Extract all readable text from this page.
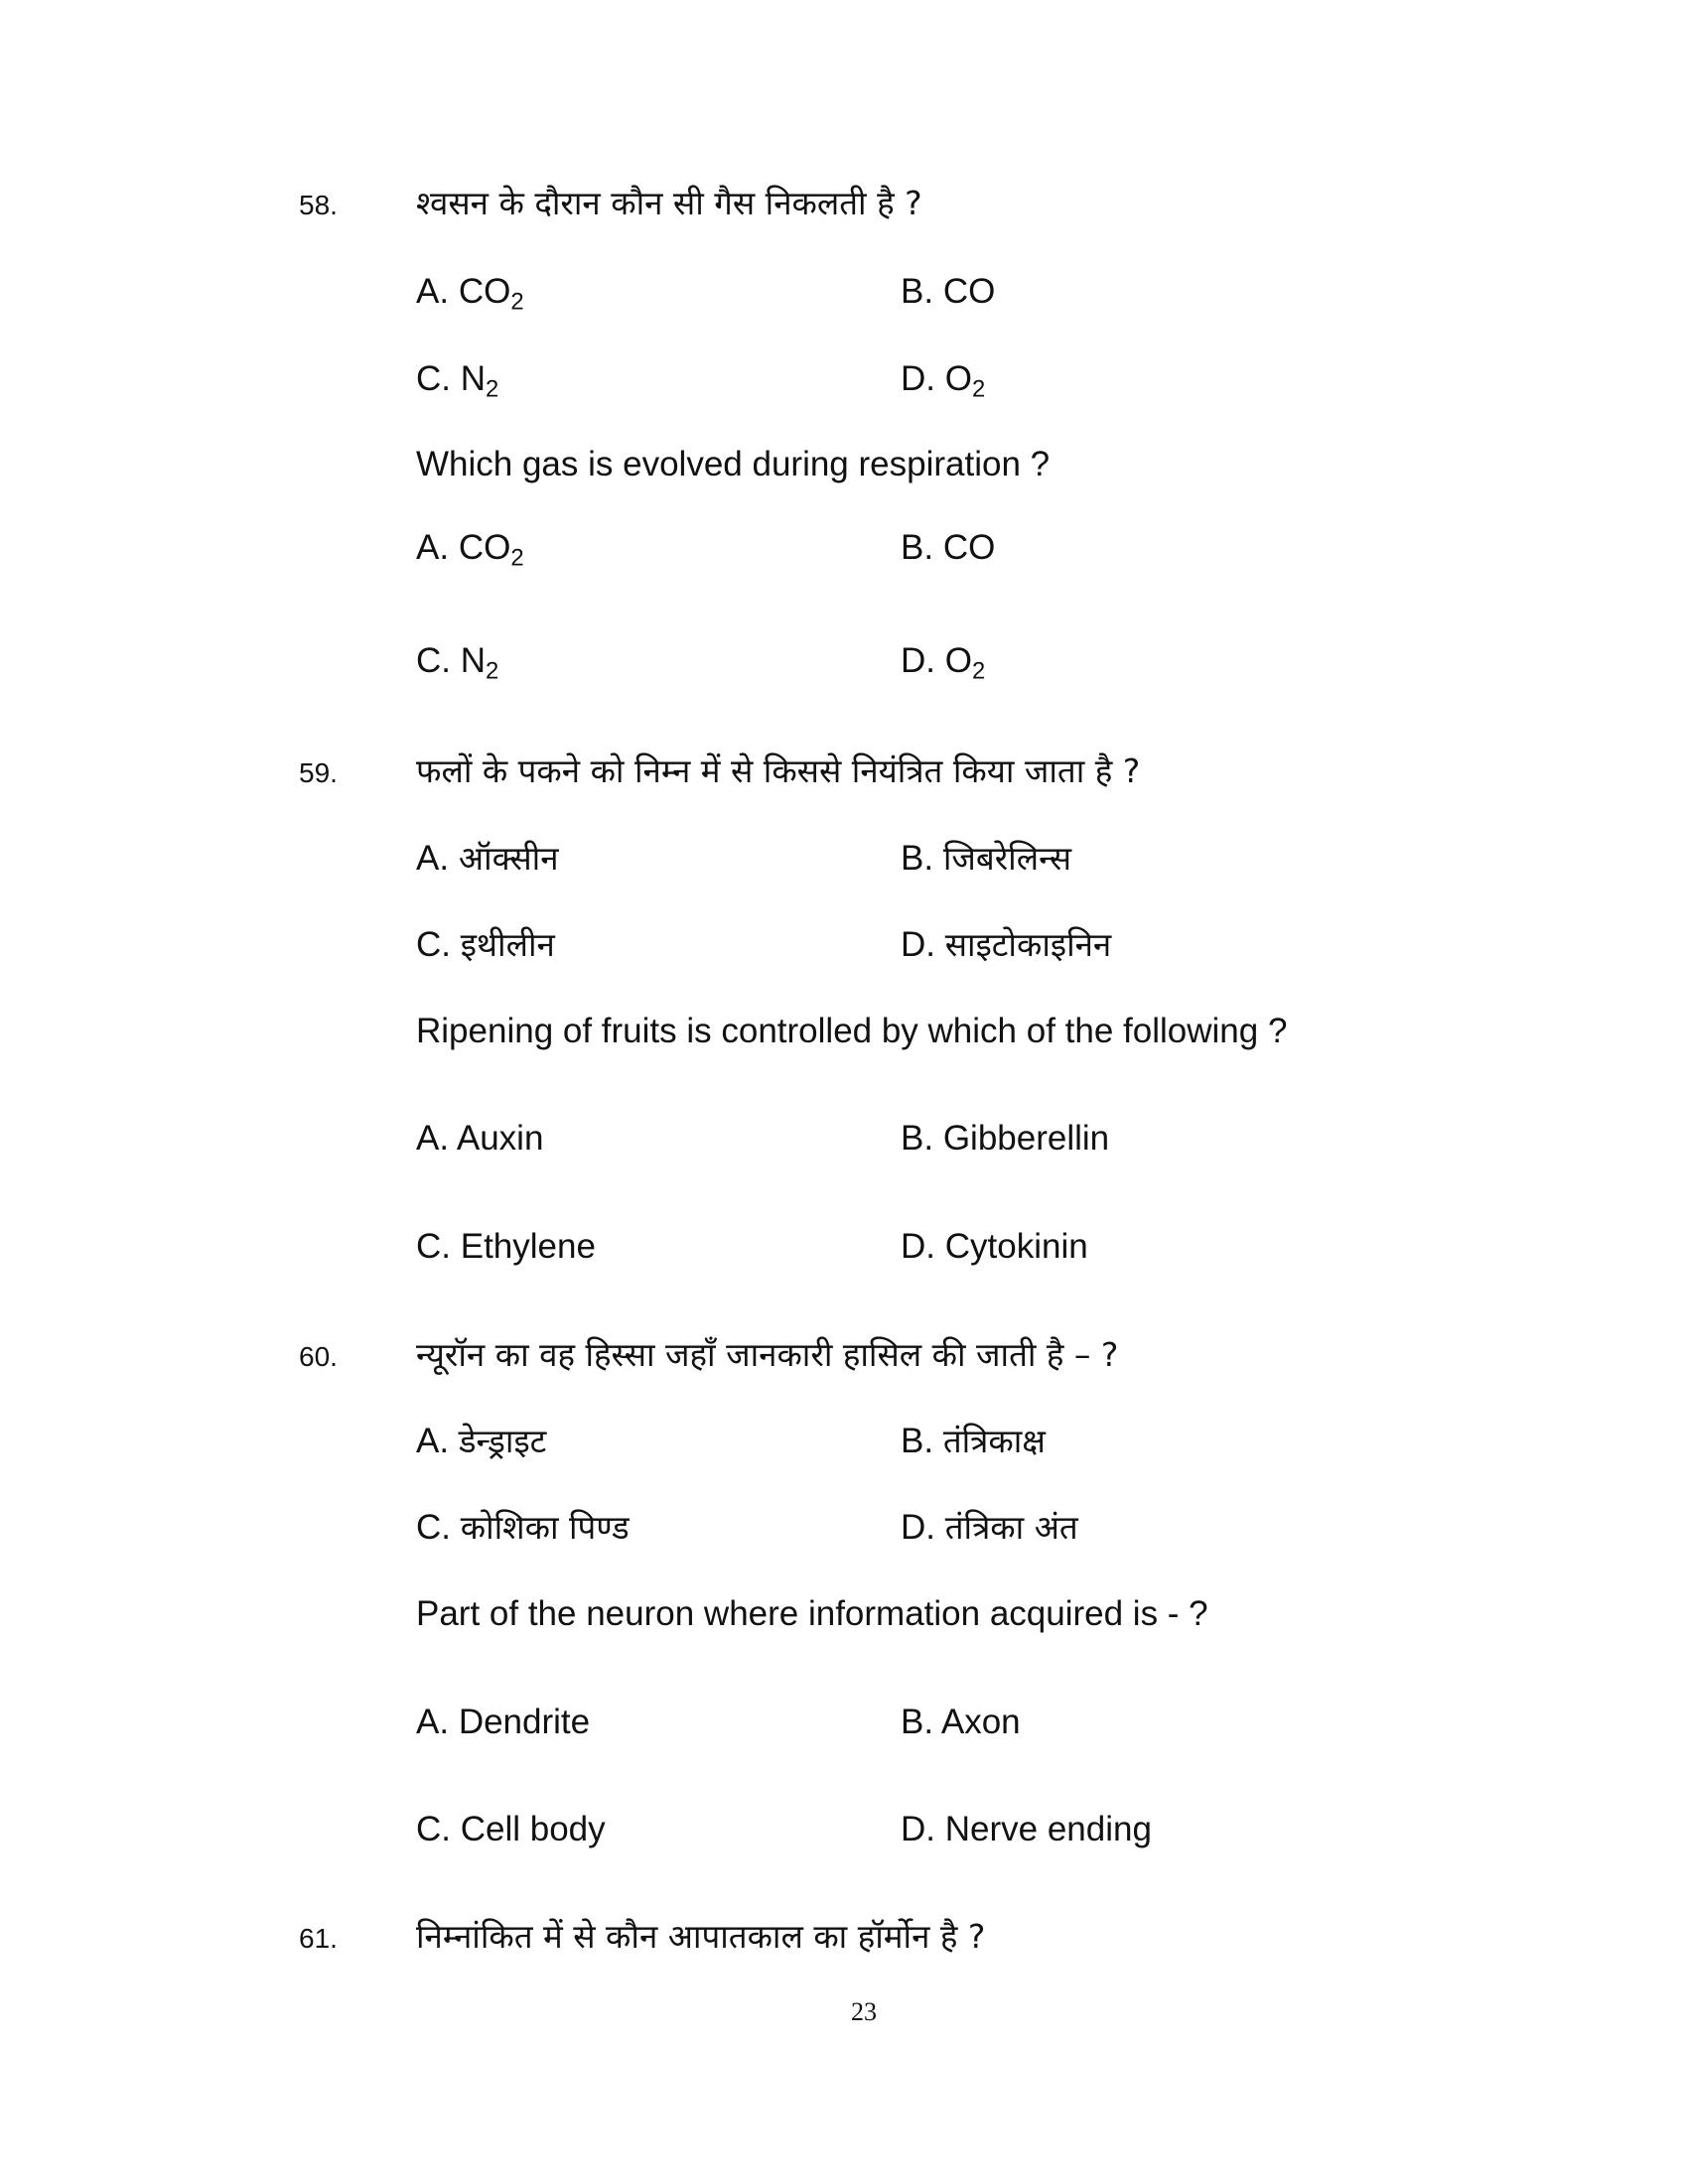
58. श्वसन के दौरान कौन सी गैस निकलती है ?
A. $CO_2$	B. CO
C. $N_2$	D. $O_2$
Which gas is evolved during respiration ?
A. $CO_2$	B. CO
C. $N_2$	D. $O_2$
59. फलों के पकने को निम्न में से किससे नियंत्रित किया जाता है ?
A. ऑक्सीन	B. जिबरेलिन्स
C. इथीलीन	D. साइटोकाइनिन
Ripening of fruits is controlled by which of the following ?
A. Auxin	B. Gibberellin
C. Ethylene	D. Cytokinin
60. न्यूरॉन का वह हिस्सा जहाँ जानकारी हासिल की जाती है – ?
A. डेन्ड्राइट	B. तंत्रिकाक्ष
C. कोशिका पिण्ड	D. तंत्रिका अंत
Part of the neuron where information acquired is - ?
A. Dendrite	B. Axon
C. Cell body	D. Nerve ending
61. निम्नांकित में से कौन आपातकाल का हॉर्मोन है ?
23
